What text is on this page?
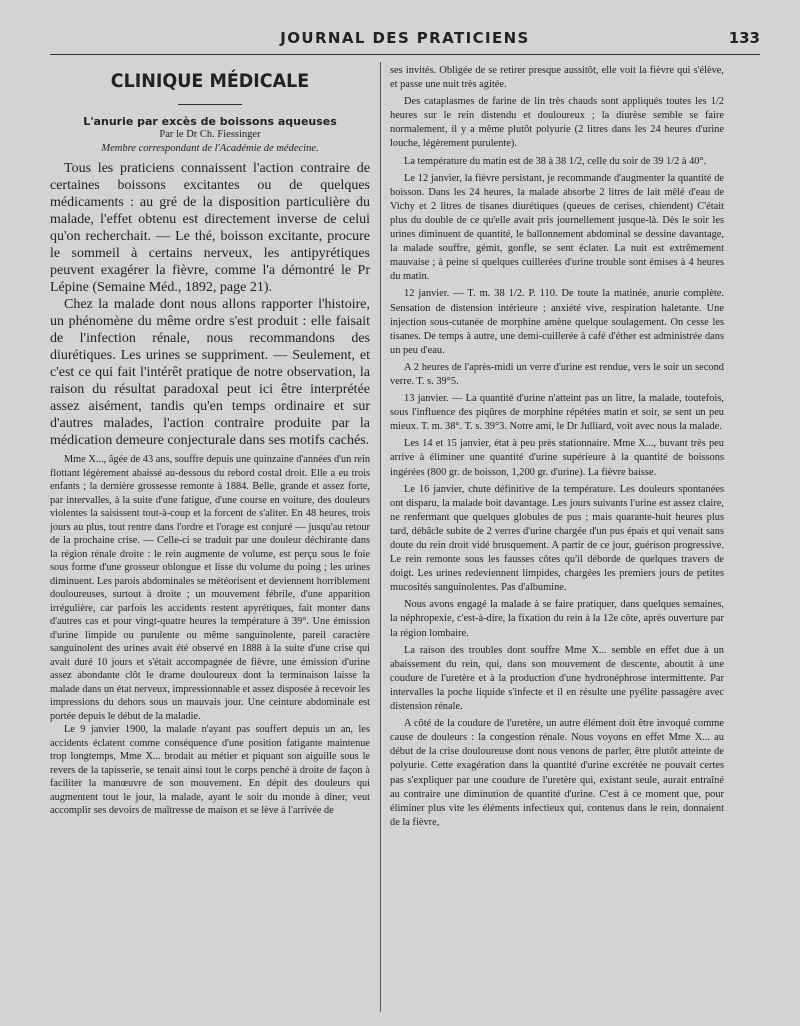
JOURNAL DES PRATICIENS	133
CLINIQUE MÉDICALE
L'anurie par excès de boissons aqueuses
Par le Dr Ch. Fiessinger
Membre correspondant de l'Académie de médecine.

Tous les praticiens connaissent l'action contraire de certaines boissons excitantes ou de quelques médicaments : au gré de la disposition particulière du malade, l'effet obtenu est directement inverse de celui qu'on recherchait. — Le thé, boisson excitante, procure le sommeil à certains nerveux, les antipyrétiques peuvent exagérer la fièvre, comme l'a démontré le Pr Lépine (Semaine Méd., 1892, page 21).

Chez la malade dont nous allons rapporter l'histoire, un phénomène du même ordre s'est produit : elle faisait de l'infection rénale, nous recommandons des diurétiques. Les urines se suppriment. — Seulement, et c'est ce qui fait l'intérêt pratique de notre observation, la raison du résultat paradoxal peut ici être interprétée assez aisément, tandis qu'en temps ordinaire et sur d'autres malades, l'action contraire produite par la médication demeure conjecturale dans ses motifs cachés.

Mme X..., âgée de 43 ans, souffre depuis une quinzaine d'années d'un rein flottant légèrement abaissé au-dessous du rebord costal droit. Elle a eu trois enfants ; la dernière grossesse remonte à 1884. Belle, grande et assez forte, par intervalles, à la suite d'une fatigue, d'une course en voiture, des douleurs violentes la saisissent tout-à-coup et la forcent de s'aliter. En 48 heures, trois jours au plus, tout rentre dans l'ordre et l'orage est conjuré — jusqu'au retour de la prochaine crise. — Celle-ci se traduit par une douleur déchirante dans la région rénale droite : le rein augmente de volume, est perçu sous le foie sous forme d'une grosseur oblongue et lisse du volume du poing ; les urines diminuent. Les parois abdominales se météorisent et deviennent horriblement douloureuses, surtout à droite ; un mouvement fébrile, d'une apparition irrégulière, car parfois les accidents restent apyrétiques, fait monter dans d'autres cas et pour vingt-quatre heures la température à 39°. Une émission d'urine limpide ou purulente ou même sanguinolente, pareil caractère sanguinolent des urines avait été observé en 1888 à la suite d'une crise qui avait duré 10 jours et s'était accompagnée de fièvre, une émission d'urine assez abondante clôt le drame douloureux dont la terminaison laisse la malade dans un état nerveux, impressionnable et assez disposée à recevoir les impressions du dehors sous un mauvais jour. Une ceinture abdominale est portée depuis le début de la maladie.

Le 9 janvier 1900, la malade n'ayant pas souffert depuis un an, les accidents éclatent comme conséquence d'une position fatigante maintenue trop longtemps, Mme X... brodait au métier et piquant son aiguille sous le revers de la tapisserie, se tenait ainsi tout le corps penché à droite de façon à faciliter la manœuvre de son mouvement. En dépit des douleurs qui augmentent tout le jour, la malade, ayant le soir du monde à dîner, veut accomplir ses devoirs de maîtresse de maison et se lève à l'arrivée de

ses invités. Obligée de se retirer presque aussitôt, elle voit la fièvre qui s'élève, et passe une nuit très agitée.

Des cataplasmes de farine de lin très chauds sont appliqués toutes les 1/2 heures sur le rein distendu et douloureux ; la diurèse semble se faire normalement, il y a même plutôt polyurie (2 litres dans les 24 heures d'urine louche, légèrement purulente).

La température du matin est de 38 à 38 1/2, celle du soir de 39 1/2 à 40°.

Le 12 janvier, la fièvre persistant, je recommande d'augmenter la quantité de boisson. Dans les 24 heures, la malade absorbe 2 litres de lait mêlé d'eau de Vichy et 2 litres de tisanes diurétiques (queues de cerises, chiendent) C'était plus du double de ce qu'elle avait pris journellement jusque-là. Dès le soir les urines diminuent de quantité, le ballonnement abdominal se dessine davantage, la malade souffre, gémit, gonfle, se sent éclater. La nuit est extrêmement mauvaise ; à peine si quelques cuillerées d'urine trouble sont émises à 4 heures du matin.

12 janvier. — T. m. 38 1/2. P. 110. De toute la matinée, anurie complète. Sensation de distension intérieure ; anxiété vive, respiration haletante. Une injection sous-cutanée de morphine amène quelque soulagement. On cesse les tisanes. De temps à autre, une demi-cuillerée à café d'éther est administrée dans un peu d'eau.

A 2 heures de l'après-midi un verre d'urine est rendue, vers le soir un second verre. T. s. 39°5.

13 janvier. — La quantité d'urine n'atteint pas un litre, la malade, toutefois, sous l'influence des piqûres de morphine répétées matin et soir, se sent un peu mieux. T. m. 38°. T. s. 39°3. Notre ami, le Dr Julliard, voit avec nous la malade.

Les 14 et 15 janvier, état à peu près stationnaire. Mme X..., buvant très peu arrive à éliminer une quantité d'urine supérieure à la quantité de boissons ingérées (800 gr. de boisson, 1,200 gr. d'urine). La fièvre baisse.

Le 16 janvier, chute définitive de la température. Les douleurs spontanées ont disparu, la malade boit davantage. Les jours suivants l'urine est assez claire, ne renfermant que quelques globules de pus ; mais quarante-huit heures plus tard, débâcle subite de 2 verres d'urine chargée d'un pus épais et qui venait sans doute du rein droit vidé brusquement. A partir de ce jour, guérison progressive. Le rein remonte sous les fausses côtes qu'il déborde de quelques travers de doigt. Les urines redeviennent limpides, chargées les premiers jours de petites mucosités sanguinolentes. Pas d'albumine.

Nous avons engagé la malade à se faire pratiquer, dans quelques semaines, la néphropexie, c'est-à-dire, la fixation du rein à la 12e côte, après ouverture par la région lombaire.

La raison des troubles dont souffre Mme X... semble en effet due à un abaissement du rein, qui, dans son mouvement de descente, aboutit à une coudure de l'uretère et à la production d'une hydronéphrose intermittente. Par intervalles la poche liquide s'infecte et il en résulte une pyélite passagère avec distension rénale.

A côté de la coudure de l'uretère, un autre élément doit être invoqué comme cause de douleurs : la congestion rénale. Nous voyons en effet Mme X... au début de la crise douloureuse dont nous venons de parler, être plutôt atteinte de polyurie. Cette exagération dans la quantité d'urine excrétée ne pouvait certes pas s'expliquer par une coudure de l'uretère qui, existant seule, aurait entraîné au contraire une diminution de quantité d'urine. C'est à ce moment que, pour éliminer plus vite les éléments infectieux qui, contenus dans le rein, donnaient de la fièvre,
